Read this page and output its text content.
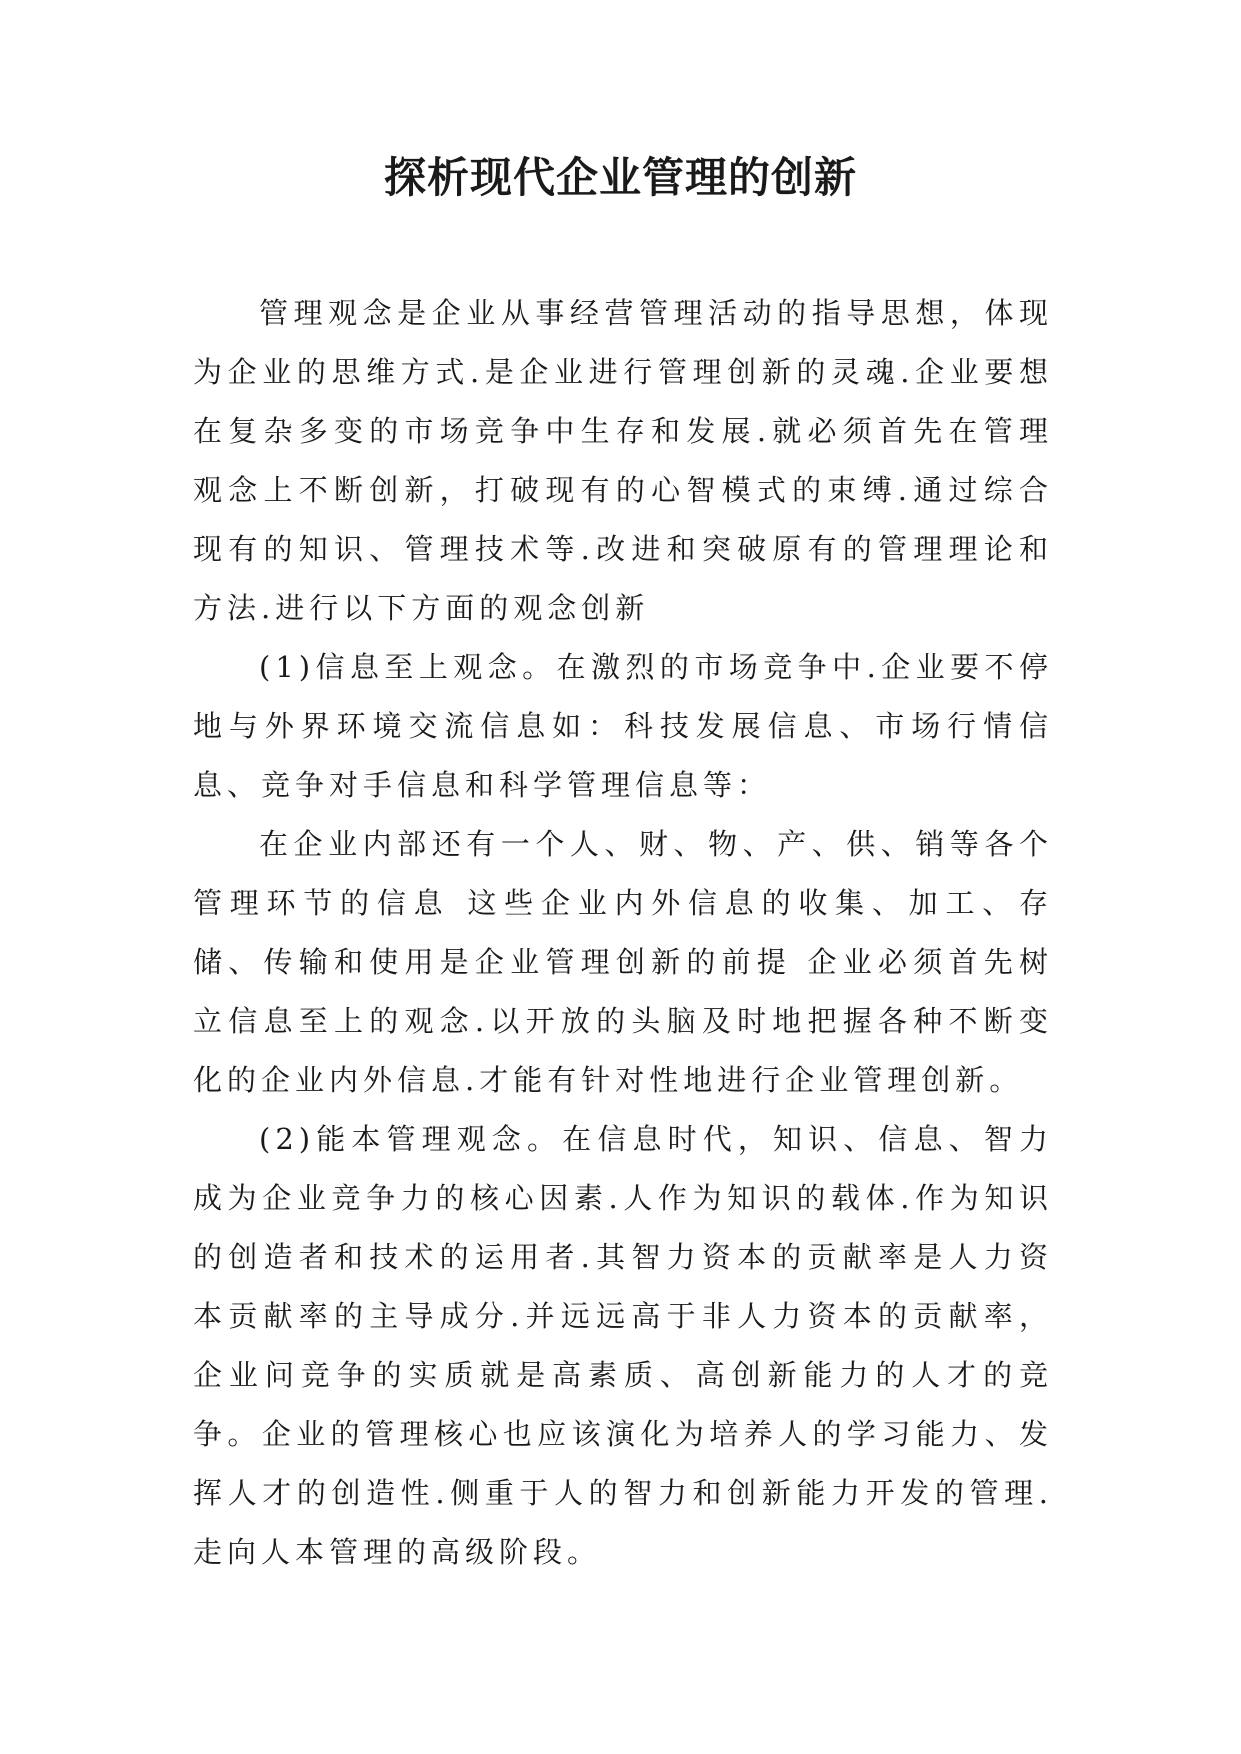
探析现代企业管理的创新

管理观念是企业从事经营管理活动的指导思想，体现为企业的思维方式.是企业进行管理创新的灵魂.企业要想在复杂多变的市场竞争中生存和发展.就必须首先在管理观念上不断创新，打破现有的心智模式的束缚.通过综合现有的知识、管理技术等.改进和突破原有的管理理论和方法.进行以下方面的观念创新

(1)信息至上观念。在激烈的市场竞争中.企业要不停地与外界环境交流信息如：科技发展信息、市场行情信息、竞争对手信息和科学管理信息等：

在企业内部还有一个人、财、物、产、供、销等各个管理环节的信息 这些企业内外信息的收集、加工、存储、传输和使用是企业管理创新的前提 企业必须首先树立信息至上的观念.以开放的头脑及时地把握各种不断变化的企业内外信息.才能有针对性地进行企业管理创新。

(2)能本管理观念。在信息时代，知识、信息、智力成为企业竞争力的核心因素.人作为知识的载体.作为知识的创造者和技术的运用者.其智力资本的贡献率是人力资本贡献率的主导成分.并远远高于非人力资本的贡献率，企业问竞争的实质就是高素质、高创新能力的人才的竞争。企业的管理核心也应该演化为培养人的学习能力、发挥人才的创造性.侧重于人的智力和创新能力开发的管理.走向人本管理的高级阶段。
